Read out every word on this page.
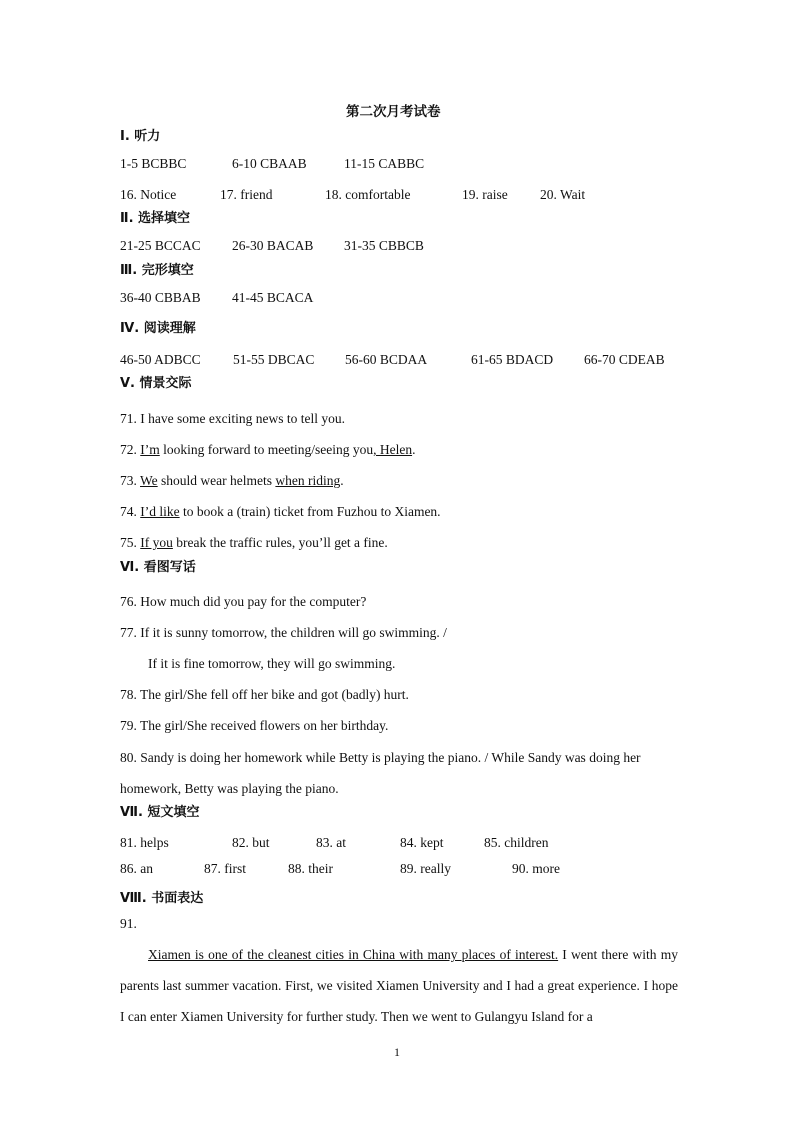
第二次月考试卷
Ⅰ. 听力
1-5 BCBBC	6-10 CBAAB	11-15 CABBC
16. Notice	17. friend	18. comfortable	19. raise 20. Wait
Ⅱ. 选择填空
21-25 BCCAC 26-30 BACAB 31-35 CBBCB
Ⅲ. 完形填空
36-40 CBBAB 41-45 BCACA
Ⅳ. 阅读理解
46-50 ADBCC 51-55 DBCAC 56-60 BCDAA	61-65 BDACD 66-70 CDEAB
Ⅴ. 情景交际
71. I have some exciting news to tell you.
72. I’m looking forward to meeting/seeing you, Helen.
73. We should wear helmets when riding.
74. I’d like to book a (train) ticket from Fuzhou to Xiamen.
75. If you break the traffic rules, you’ll get a fine.
Ⅵ. 看图写话
76. How much did you pay for the computer?
77. If it is sunny tomorrow, the children will go swimming. /
If it is fine tomorrow, they will go swimming.
78. The girl/She fell off her bike and got (badly) hurt.
79. The girl/She received flowers on her birthday.
80. Sandy is doing her homework while Betty is playing the piano. / While Sandy was doing her
homework, Betty was playing the piano.
Ⅶ. 短文填空
81. helps	82. but	83. at	84. kept	85. children
86. an	87. first	88. their	89. really	90. more
Ⅷ. 书面表达
91.
Xiamen is one of the cleanest cities in China with many places of interest. I went there with my parents last summer vacation. First, we visited Xiamen University and I had a great experience. I hope I can enter Xiamen University for further study. Then we went to Gulangyu Island for a
1
